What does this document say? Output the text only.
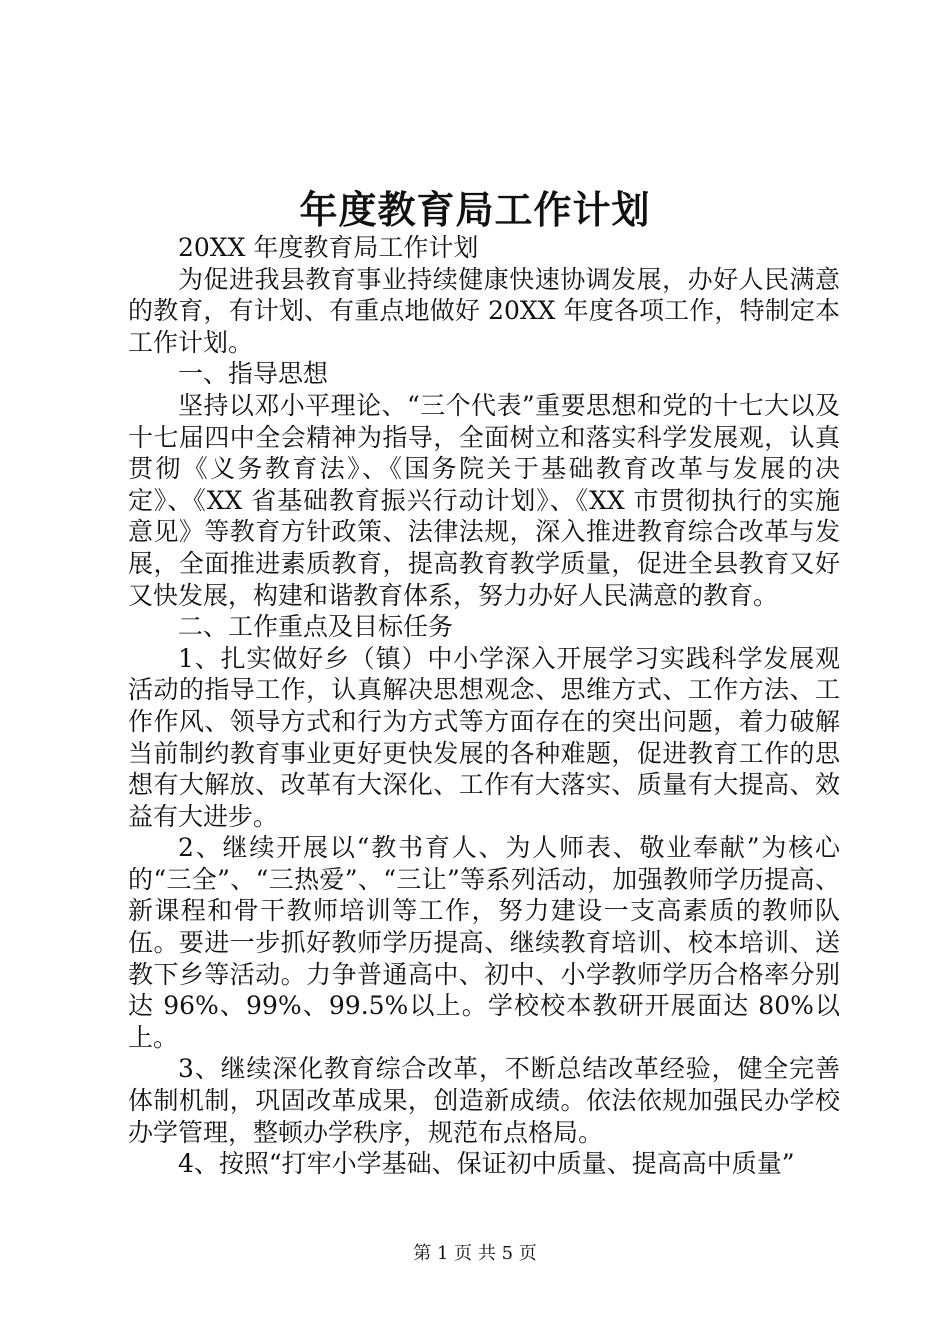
年度教育局工作计划

20XX 年度教育局工作计划

为促进我县教育事业持续健康快速协调发展，办好人民满意的教育，有计划、有重点地做好 20XX 年度各项工作，特制定本工作计划。

一、指导思想

坚持以邓小平理论、“三个代表”重要思想和党的十七大以及十七届四中全会精神为指导，全面树立和落实科学发展观，认真贯彻《义务教育法》、《国务院关于基础教育改革与发展的决定》、《XX 省基础教育振兴行动计划》、《XX 市贯彻执行的实施意见》等教育方针政策、法律法规，深入推进教育综合改革与发展，全面推进素质教育，提高教育教学质量，促进全县教育又好又快发展，构建和谐教育体系，努力办好人民满意的教育。

二、工作重点及目标任务

1、扎实做好乡（镇）中小学深入开展学习实践科学发展观活动的指导工作，认真解决思想观念、思维方式、工作方法、工作作风、领导方式和行为方式等方面存在的突出问题，着力破解当前制约教育事业更好更快发展的各种难题，促进教育工作的思想有大解放、改革有大深化、工作有大落实、质量有大提高、效益有大进步。

2、继续开展以“教书育人、为人师表、敬业奉献”为核心的“三全”、“三热爱”、“三让”等系列活动，加强教师学历提高、新课程和骨干教师培训等工作，努力建设一支高素质的教师队伍。要进一步抓好教师学历提高、继续教育培训、校本培训、送教下乡等活动。力争普通高中、初中、小学教师学历合格率分别达 96%、99%、99.5%以上。学校校本教研开展面达 80%以上。

3、继续深化教育综合改革，不断总结改革经验，健全完善体制机制，巩固改革成果，创造新成绩。依法依规加强民办学校办学管理，整顿办学秩序，规范布点格局。

4、按照“打牢小学基础、保证初中质量、提高高中质量”

第 1 页 共 5 页
